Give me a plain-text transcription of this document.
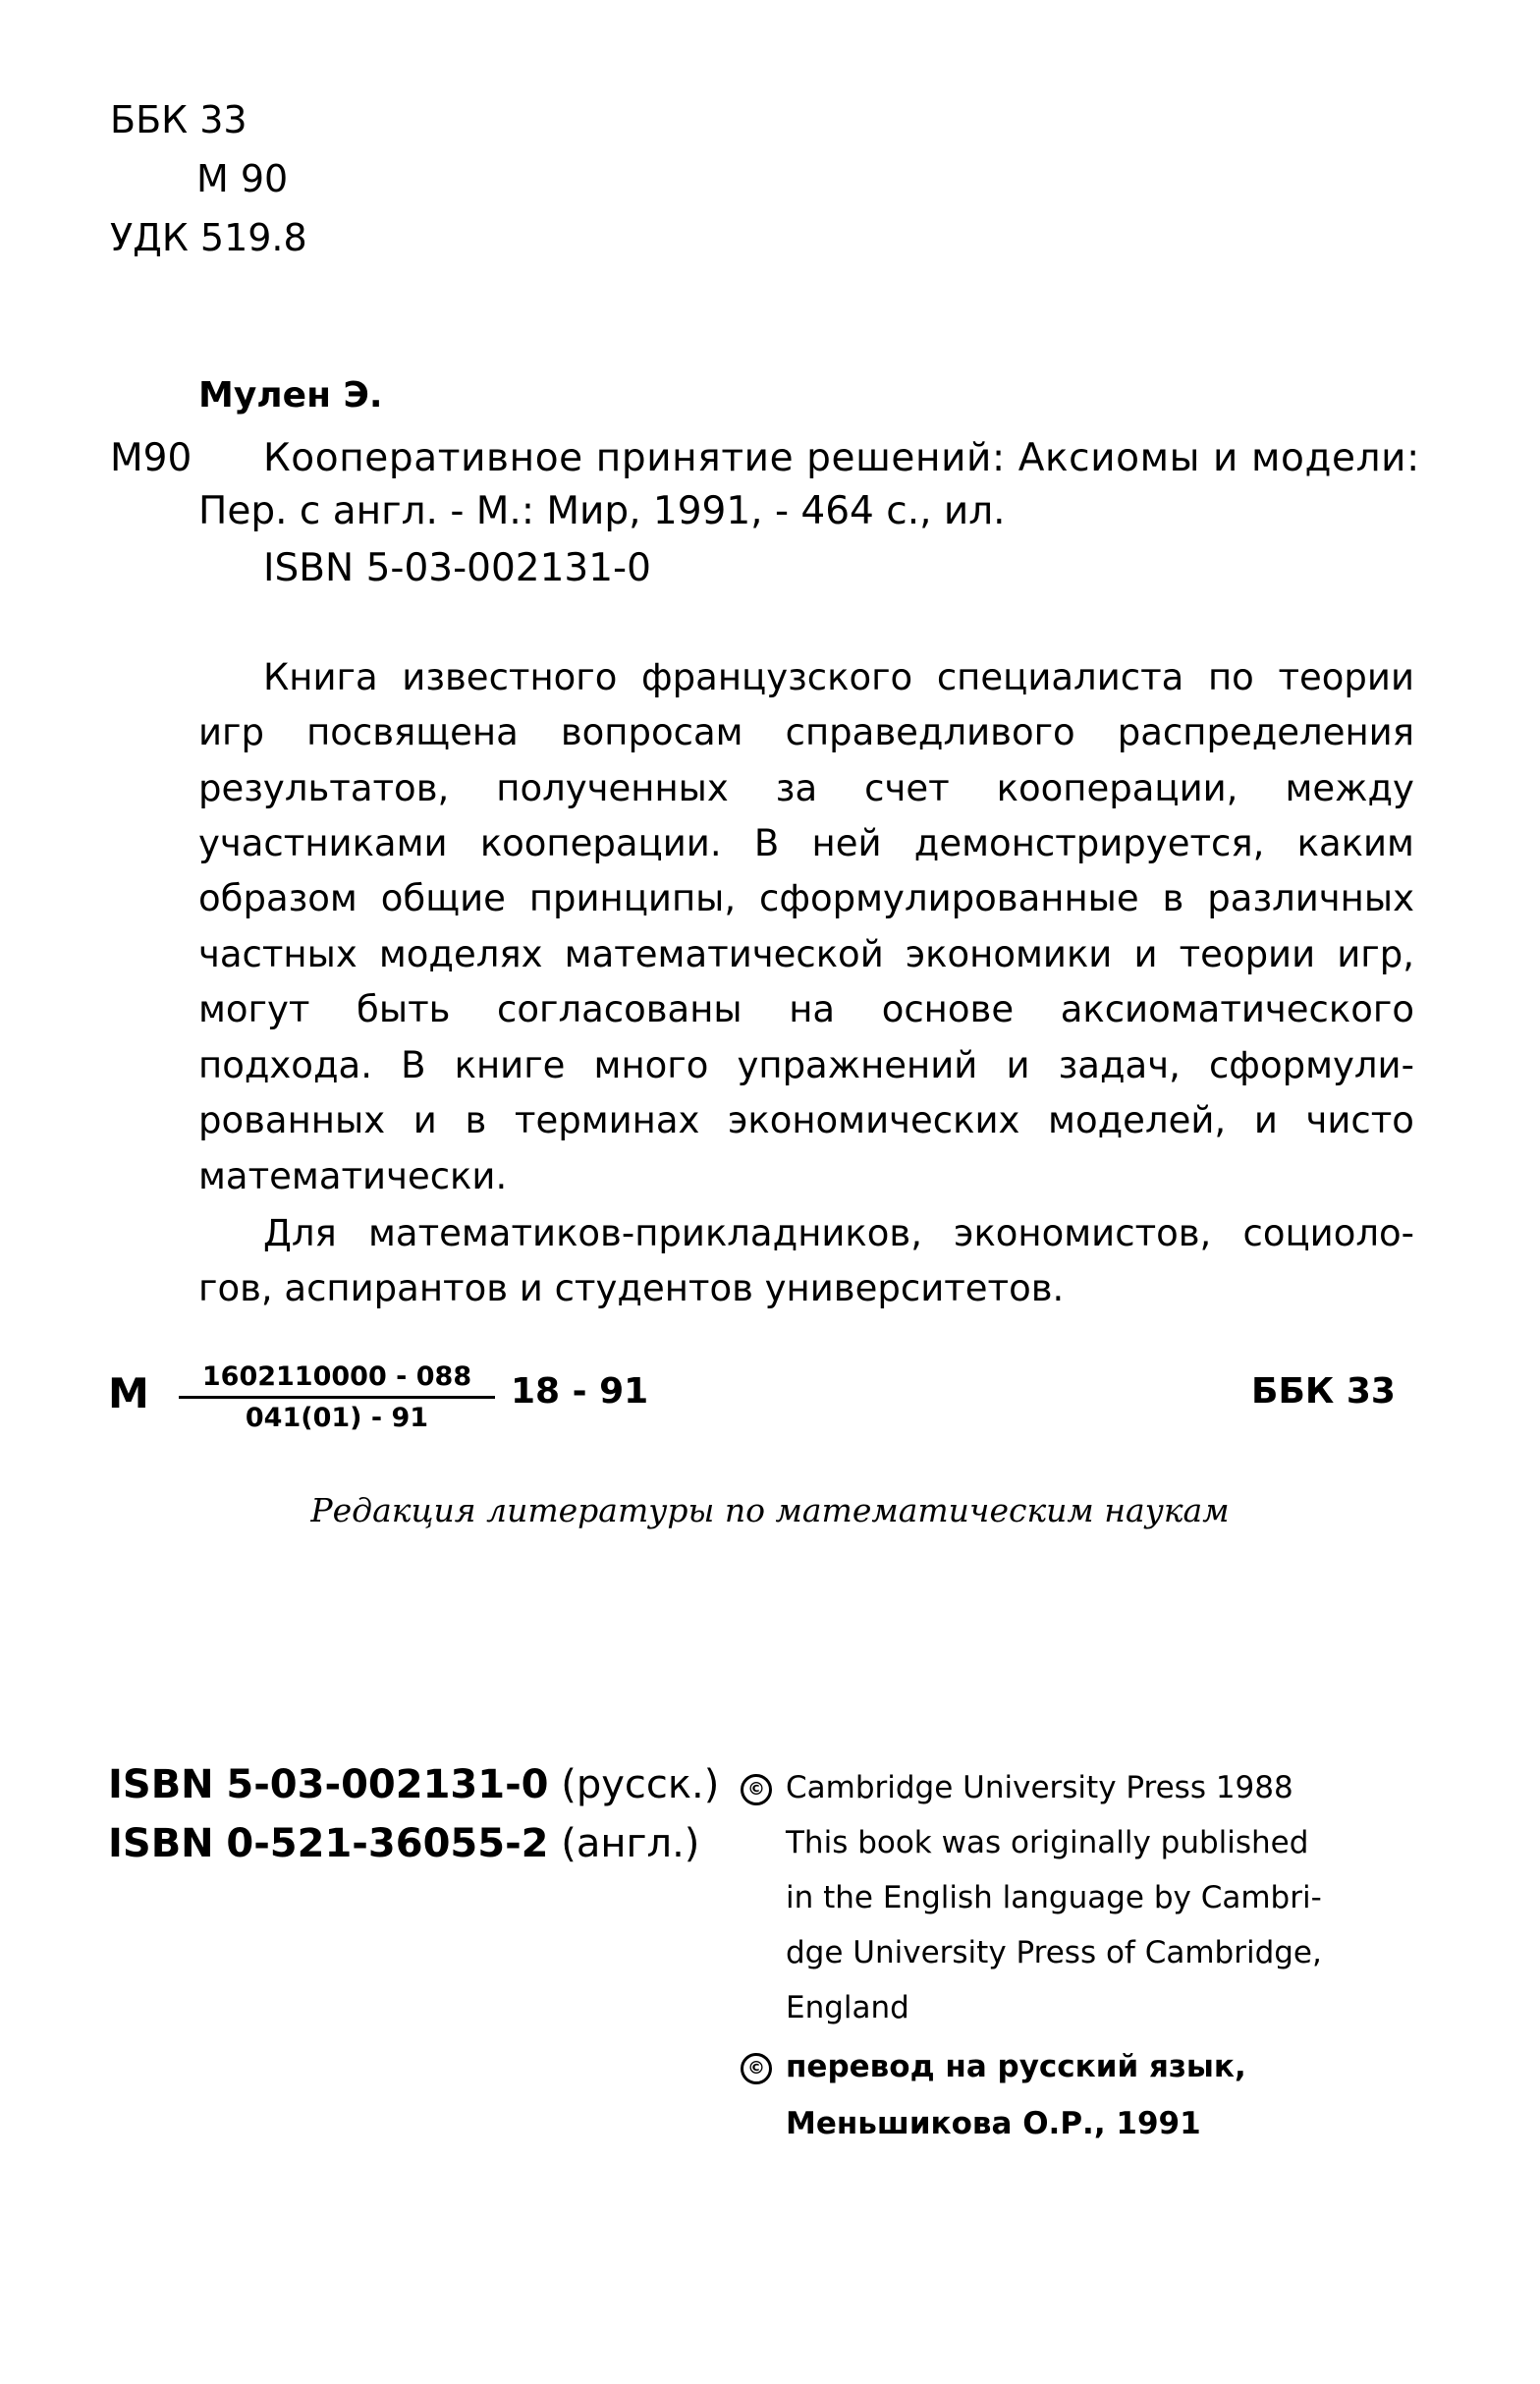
ББК 33
М 90
УДК 519.8
Мулен Э.
М90 Кооперативное принятие решений: Аксиомы и модели:
Пер. с англ. - М.: Мир, 1991, - 464 с., ил.
ISBN 5-03-002131-0
Книга известного французского специалиста по теории
игр посвящена вопросам справедливого распределения
результатов, полученных за счет кооперации, между
участниками кооперации. В ней демонстрируется, каким
образом общие принципы, сформулированные в различных
частных моделях математической экономики и теории игр,
могут быть согласованы на основе аксиоматического
подхода. В книге много упражнений и задач, сформули-
рованных и в терминах экономических моделей, и чисто
математически.
Для математиков-прикладников, экономистов, социоло-
гов, аспирантов и студентов университетов.
М $\frac{1602110000 - 088}{041(01) - 91} 18 - 91$	ББК 33
Редакция литературы по математическим наукам
ISBN 5-03-002131-0 (русск.)
ISBN 0-521-36055-2 (англ.)
© Cambridge University Press 1988
This book was originally published
in the English language by Cambri-
dge University Press of Cambridge,
England
© перевод на русский язык,
Меньшикова О.Р., 1991
